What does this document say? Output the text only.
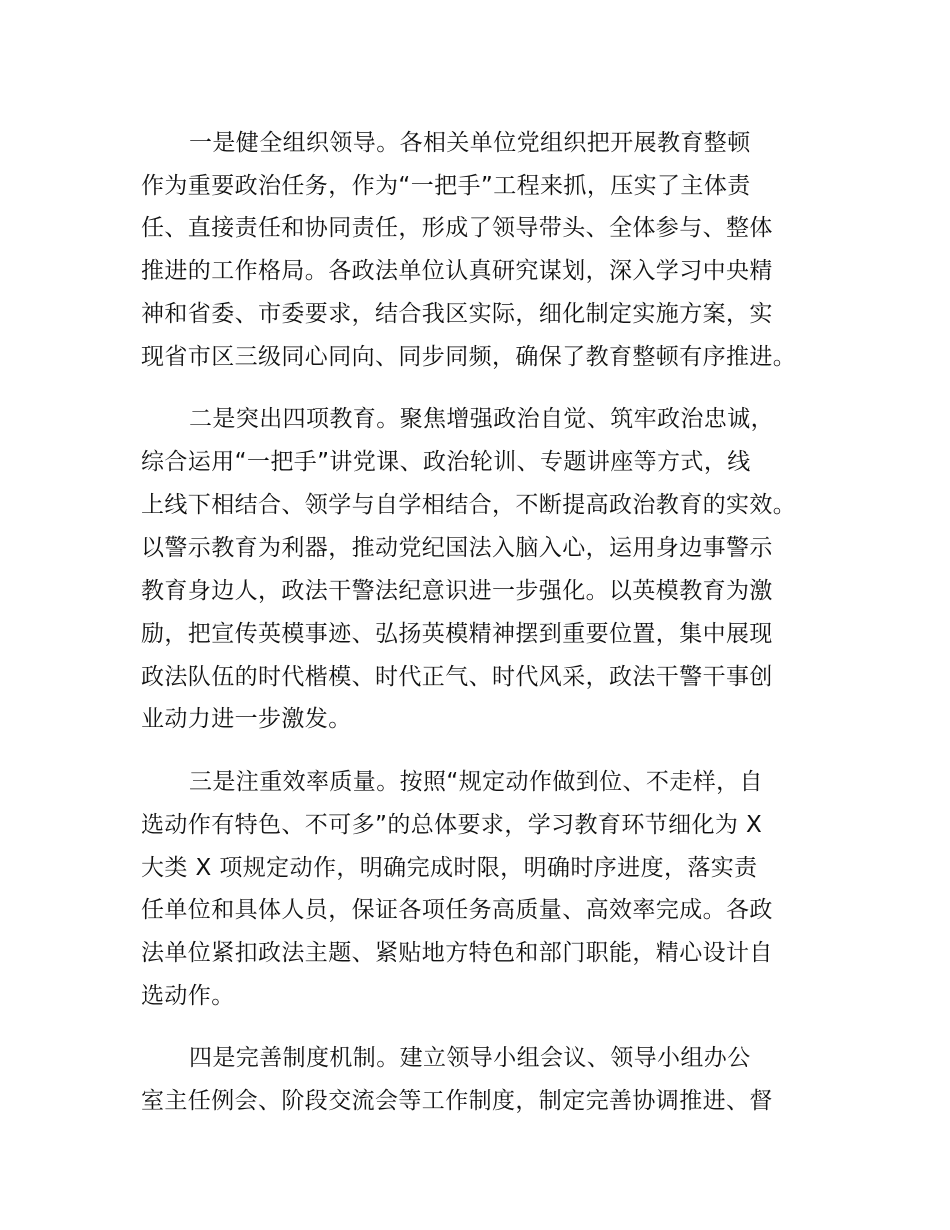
一是健全组织领导。各相关单位党组织把开展教育整顿
作为重要政治任务，作为“一把手”工程来抓，压实了主体责
任、直接责任和协同责任，形成了领导带头、全体参与、整体
推进的工作格局。各政法单位认真研究谋划，深入学习中央精
神和省委、市委要求，结合我区实际，细化制定实施方案，实
现省市区三级同心同向、同步同频，确保了教育整顿有序推进。
二是突出四项教育。聚焦增强政治自觉、筑牢政治忠诚，
综合运用“一把手”讲党课、政治轮训、专题讲座等方式，线
上线下相结合、领学与自学相结合，不断提高政治教育的实效。
以警示教育为利器，推动党纪国法入脑入心，运用身边事警示
教育身边人，政法干警法纪意识进一步强化。以英模教育为激
励，把宣传英模事迹、弘扬英模精神摆到重要位置，集中展现
政法队伍的时代楷模、时代正气、时代风采，政法干警干事创
业动力进一步激发。
三是注重效率质量。按照“规定动作做到位、不走样，自
选动作有特色、不可多”的总体要求，学习教育环节细化为 X
大类 X 项规定动作，明确完成时限，明确时序进度，落实责
任单位和具体人员，保证各项任务高质量、高效率完成。各政
法单位紧扣政法主题、紧贴地方特色和部门职能，精心设计自
选动作。
四是完善制度机制。建立领导小组会议、领导小组办公
室主任例会、阶段交流会等工作制度，制定完善协调推进、督
